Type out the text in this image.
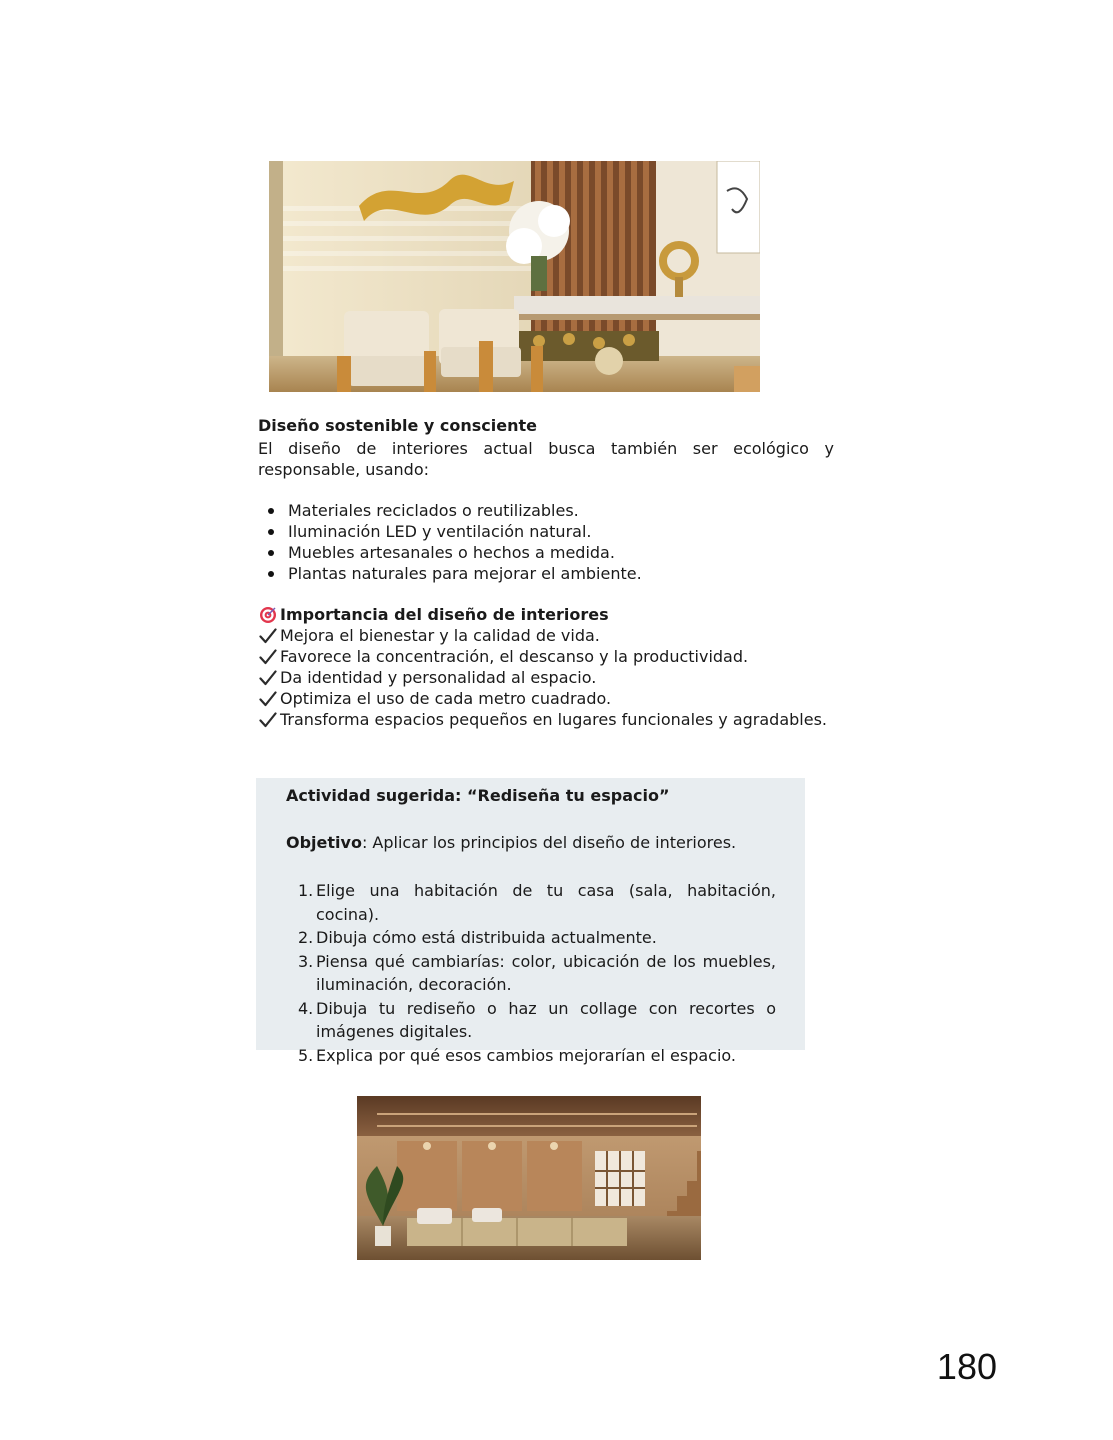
Diseño sostenible y consciente
El diseño de interiores actual busca también ser ecológico y responsable, usando:
Materiales reciclados o reutilizables.
Iluminación LED y ventilación natural.
Muebles artesanales o hechos a medida.
Plantas naturales para mejorar el ambiente.
Importancia del diseño de interiores
Mejora el bienestar y la calidad de vida.
Favorece la concentración, el descanso y la productividad.
Da identidad y personalidad al espacio.
Optimiza el uso de cada metro cuadrado.
Transforma espacios pequeños en lugares funcionales y agradables.
Actividad sugerida: “Rediseña tu espacio”
Objetivo: Aplicar los principios del diseño de interiores.
1. Elige una habitación de tu casa (sala, habitación, cocina).
2. Dibuja cómo está distribuida actualmente.
3. Piensa qué cambiarías: color, ubicación de los muebles, iluminación, decoración.
4. Dibuja tu rediseño o haz un collage con recortes o imágenes digitales.
5. Explica por qué esos cambios mejorarían el espacio.
180
